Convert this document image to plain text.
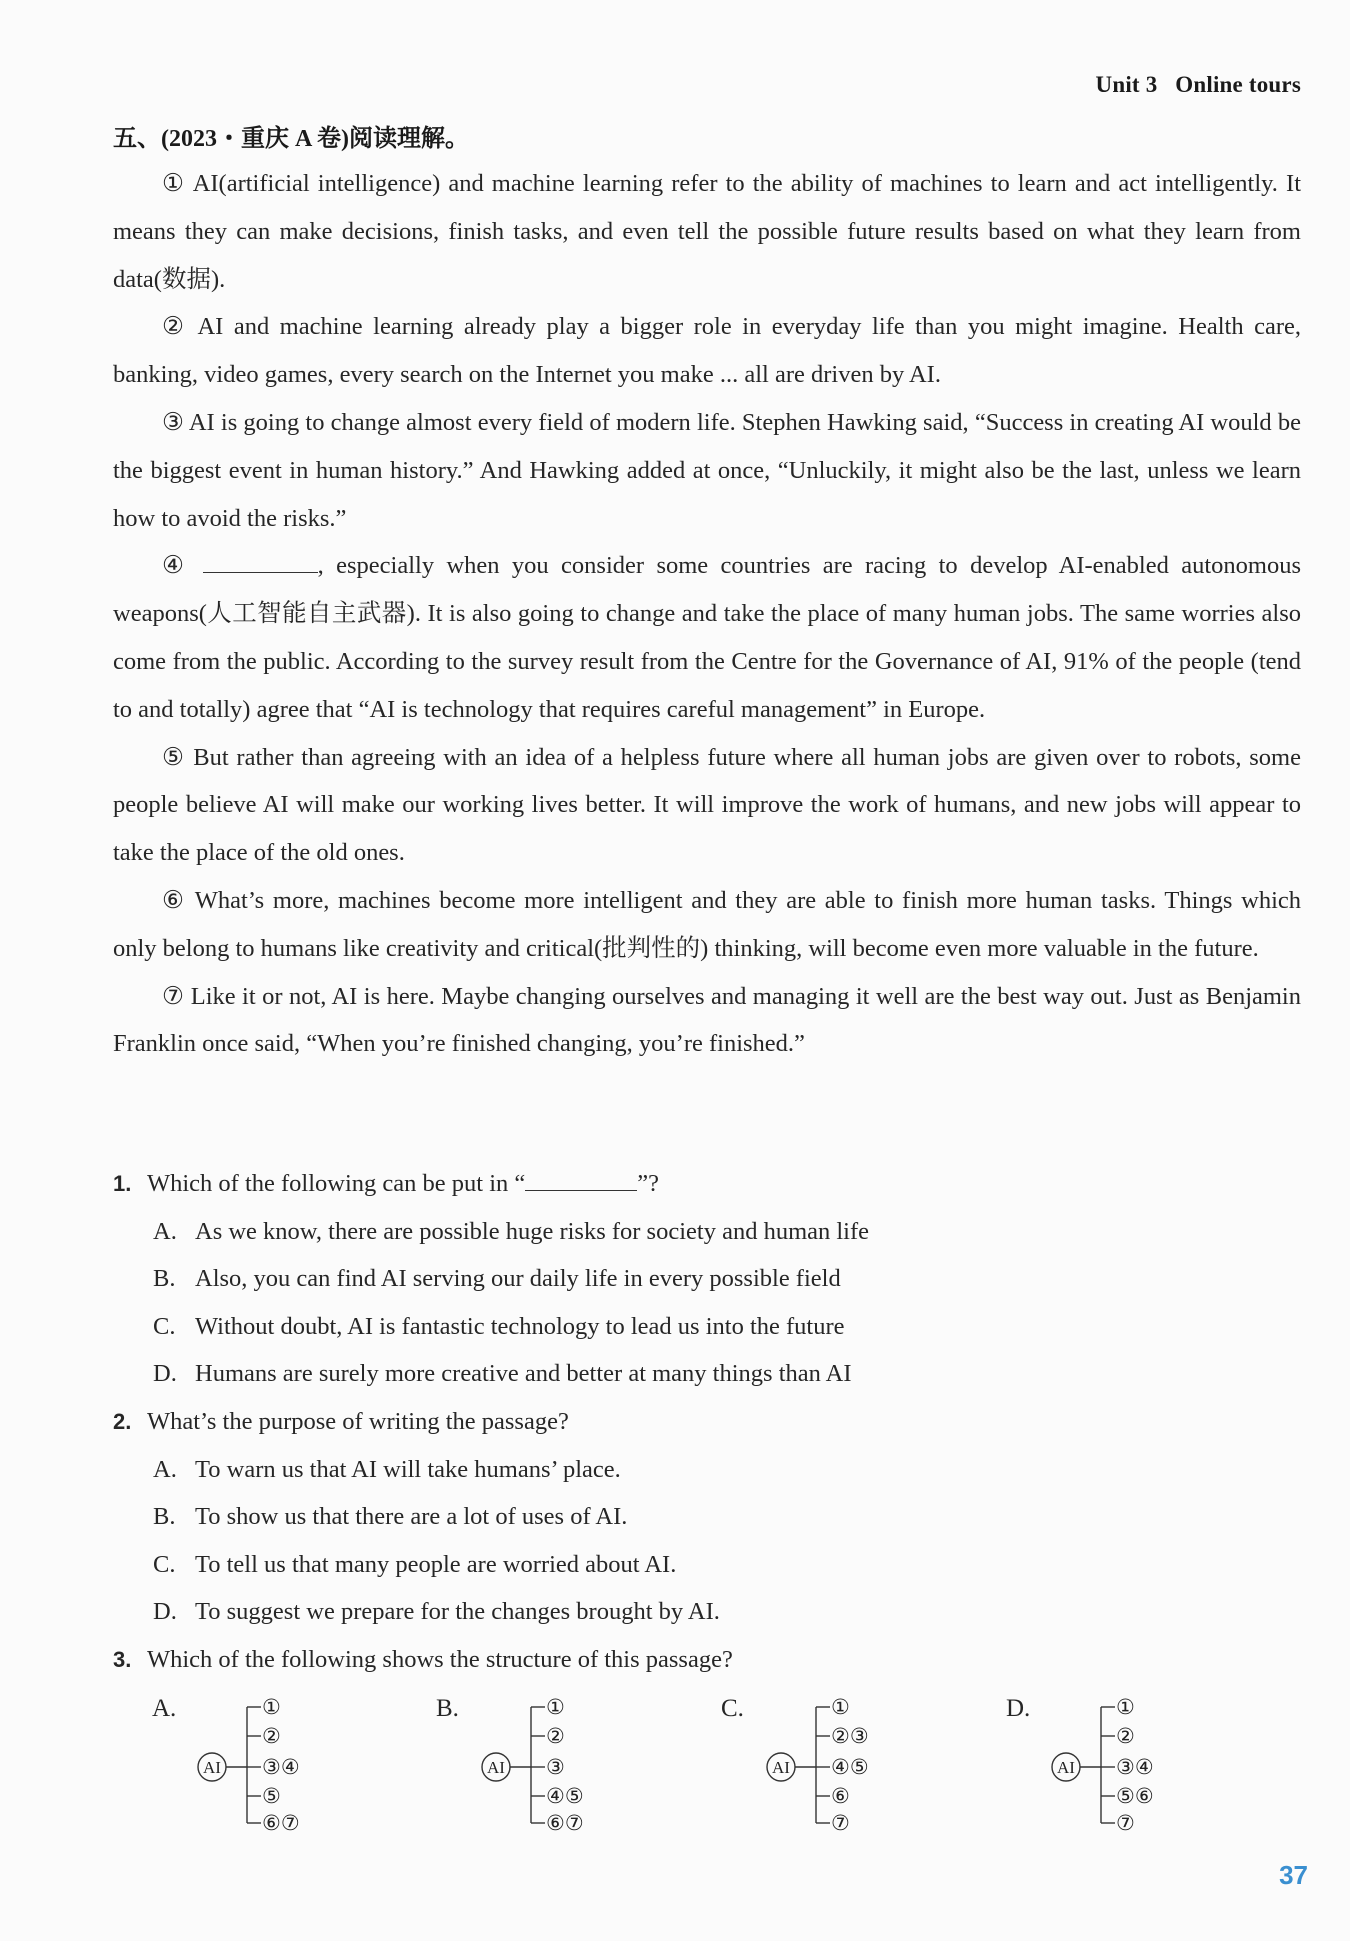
Unit 3   Online tours
五、(2023・重庆 A 卷)阅读理解。

① AI(artificial intelligence) and machine learning refer to the ability of machines to learn and act intelligently. It means they can make decisions, finish tasks, and even tell the possible future results based on what they learn from data(数据).

② AI and machine learning already play a bigger role in everyday life than you might imagine. Health care, banking, video games, every search on the Internet you make ... all are driven by AI.

③ AI is going to change almost every field of modern life. Stephen Hawking said, “Success in creating AI would be the biggest event in human history.” And Hawking added at once, “Unluckily, it might also be the last, unless we learn how to avoid the risks.”

④	, especially when you consider some countries are racing to develop AI-enabled autonomous weapons(人工智能自主武器). It is also going to change and take the place of many human jobs. The same worries also come from the public. According to the survey result from the Centre for the Governance of AI, 91% of the people (tend to and totally) agree that “AI is technology that requires careful management” in Europe.

⑤ But rather than agreeing with an idea of a helpless future where all human jobs are given over to robots, some people believe AI will make our working lives better. It will improve the work of humans, and new jobs will appear to take the place of the old ones.

⑥ What’s more, machines become more intelligent and they are able to finish more human tasks. Things which only belong to humans like creativity and critical(批判性的) thinking, will become even more valuable in the future.

⑦ Like it or not, AI is here. Maybe changing ourselves and managing it well are the best way out. Just as Benjamin Franklin once said, “When you’re finished changing, you’re finished.”

1. Which of the following can be put in “	”?

A. As we know, there are possible huge risks for society and human life

B. Also, you can find AI serving our daily life in every possible field

C. Without doubt, AI is fantastic technology to lead us into the future

D. Humans are surely more creative and better at many things than AI

2. What’s the purpose of writing the passage?

A. To warn us that AI will take humans’ place.

B. To show us that there are a lot of uses of AI.

C. To tell us that many people are worried about AI.

D. To suggest we prepare for the changes brought by AI.

3. Which of the following shows the structure of this passage?

A.
AI
①
②
③④
⑤
⑥⑦
B.
AI
①
②
③
④⑤
⑥⑦
C.
AI
①
②③
④⑤
⑥
⑦
D.
AI
①
②
③④
⑤⑥
⑦
37
